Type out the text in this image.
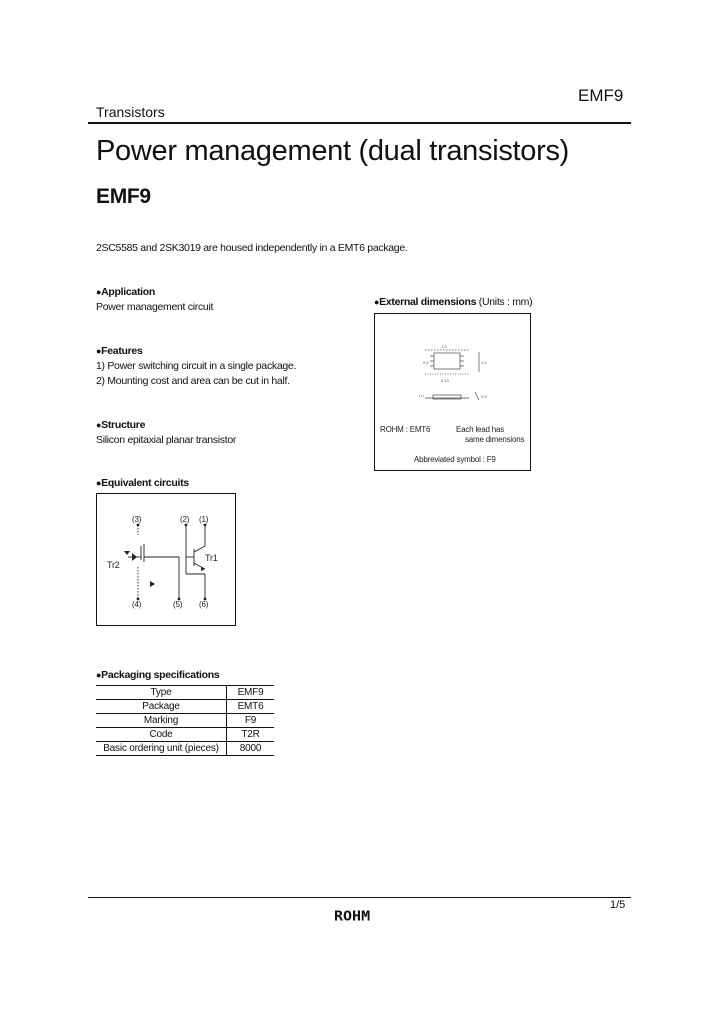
Transistors
EMF9
Power management (dual transistors)
EMF9
2SC5585 and 2SK3019 are housed independently in a EMT6 package.
●Application
Power management circuit
●Features
1) Power switching circuit in a single package.
2) Mounting cost and area can be cut in half.
●Structure
Silicon epitaxial planar transistor
●External dimensions (Units : mm)
0.4	1.6
1.0
0.5
0.13
ROHM : EMT6	Each lead has
same dimensions
Abbreviated symbol : F9
●Equivalent circuits
(3)	(2) (1)
(4)	(5) (6)
Tr2
Tr1
●Packaging specifications
Type	EMF9
Package	EMT6
Marking	F9
Code	T2R
Basic ordering unit (pieces)	8000
1/5
ROHM
